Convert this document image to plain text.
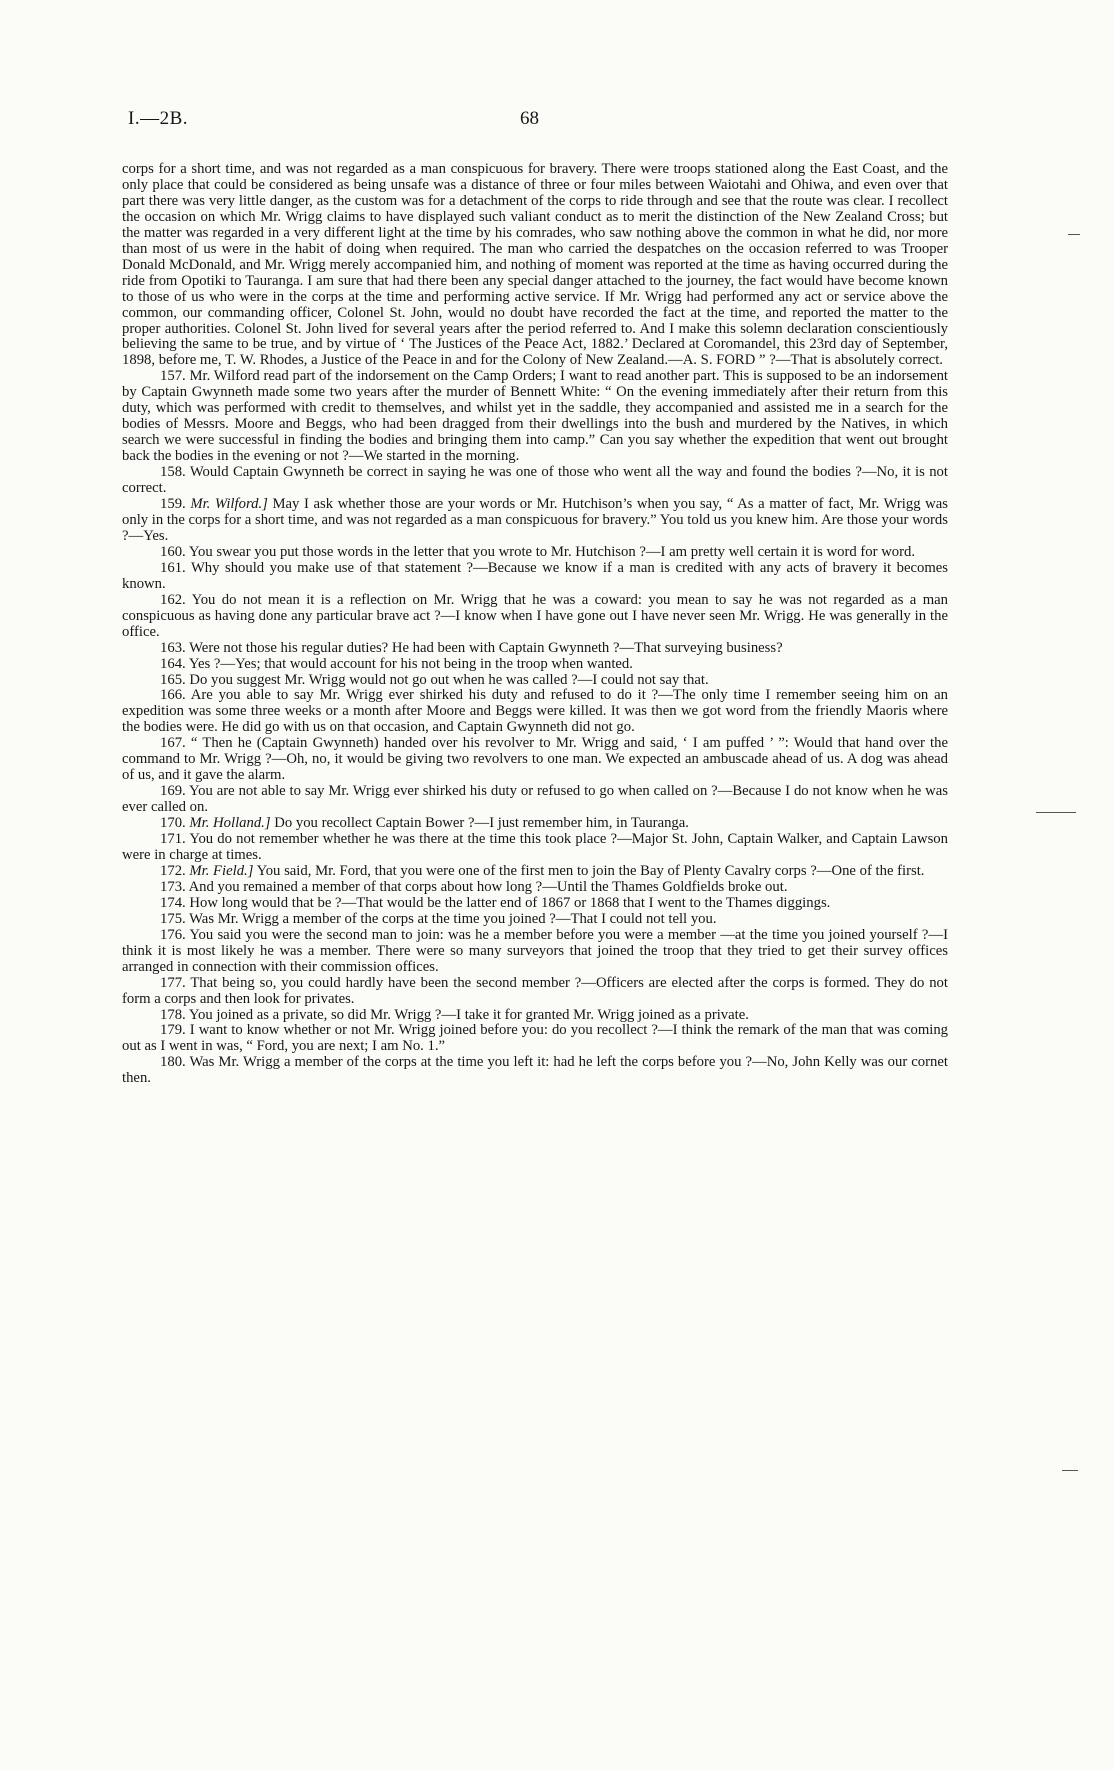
I.—2B.	68

corps for a short time, and was not regarded as a man conspicuous for bravery. There were troops stationed along the East Coast, and the only place that could be considered as being unsafe was a distance of three or four miles between Waiotahi and Ohiwa, and even over that part there was very little danger, as the custom was for a detachment of the corps to ride through and see that the route was clear. I recollect the occasion on which Mr. Wrigg claims to have displayed such valiant conduct as to merit the distinction of the New Zealand Cross; but the matter was regarded in a very different light at the time by his comrades, who saw nothing above the common in what he did, nor more than most of us were in the habit of doing when required. The man who carried the despatches on the occasion referred to was Trooper Donald McDonald, and Mr. Wrigg merely accompanied him, and nothing of moment was reported at the time as having occurred during the ride from Opotiki to Tauranga. I am sure that had there been any special danger attached to the journey, the fact would have become known to those of us who were in the corps at the time and performing active service. If Mr. Wrigg had performed any act or service above the common, our commanding officer, Colonel St. John, would no doubt have recorded the fact at the time, and reported the matter to the proper authorities. Colonel St. John lived for several years after the period referred to. And I make this solemn declaration conscientiously believing the same to be true, and by virtue of ‘ The Justices of the Peace Act, 1882.’ Declared at Coromandel, this 23rd day of September, 1898, before me, T. W. Rhodes, a Justice of the Peace in and for the Colony of New Zealand.—A. S. FORD ” ?—That is absolutely correct.

157. Mr. Wilford read part of the indorsement on the Camp Orders; I want to read another part. This is supposed to be an indorsement by Captain Gwynneth made some two years after the murder of Bennett White: “ On the evening immediately after their return from this duty, which was performed with credit to themselves, and whilst yet in the saddle, they accompanied and assisted me in a search for the bodies of Messrs. Moore and Beggs, who had been dragged from their dwellings into the bush and murdered by the Natives, in which search we were successful in finding the bodies and bringing them into camp.” Can you say whether the expedition that went out brought back the bodies in the evening or not ?—We started in the morning.

158. Would Captain Gwynneth be correct in saying he was one of those who went all the way and found the bodies ?—No, it is not correct.

159. Mr. Wilford.] May I ask whether those are your words or Mr. Hutchison’s when you say, “ As a matter of fact, Mr. Wrigg was only in the corps for a short time, and was not regarded as a man conspicuous for bravery.” You told us you knew him. Are those your words ?—Yes.

160. You swear you put those words in the letter that you wrote to Mr. Hutchison ?—I am pretty well certain it is word for word.

161. Why should you make use of that statement ?—Because we know if a man is credited with any acts of bravery it becomes known.

162. You do not mean it is a reflection on Mr. Wrigg that he was a coward: you mean to say he was not regarded as a man conspicuous as having done any particular brave act ?—I know when I have gone out I have never seen Mr. Wrigg. He was generally in the office.

163. Were not those his regular duties? He had been with Captain Gwynneth ?—That surveying business?

164. Yes ?—Yes; that would account for his not being in the troop when wanted.

165. Do you suggest Mr. Wrigg would not go out when he was called ?—I could not say that.

166. Are you able to say Mr. Wrigg ever shirked his duty and refused to do it ?—The only time I remember seeing him on an expedition was some three weeks or a month after Moore and Beggs were killed. It was then we got word from the friendly Maoris where the bodies were. He did go with us on that occasion, and Captain Gwynneth did not go.

167. “ Then he (Captain Gwynneth) handed over his revolver to Mr. Wrigg and said, ‘ I am puffed ’ ”: Would that hand over the command to Mr. Wrigg ?—Oh, no, it would be giving two revolvers to one man. We expected an ambuscade ahead of us. A dog was ahead of us, and it gave the alarm.

169. You are not able to say Mr. Wrigg ever shirked his duty or refused to go when called on ?—Because I do not know when he was ever called on.

170. Mr. Holland.] Do you recollect Captain Bower ?—I just remember him, in Tauranga.

171. You do not remember whether he was there at the time this took place ?—Major St. John, Captain Walker, and Captain Lawson were in charge at times.

172. Mr. Field.] You said, Mr. Ford, that you were one of the first men to join the Bay of Plenty Cavalry corps ?—One of the first.

173. And you remained a member of that corps about how long ?—Until the Thames Goldfields broke out.

174. How long would that be ?—That would be the latter end of 1867 or 1868 that I went to the Thames diggings.

175. Was Mr. Wrigg a member of the corps at the time you joined ?—That I could not tell you.

176. You said you were the second man to join: was he a member before you were a member —at the time you joined yourself ?—I think it is most likely he was a member. There were so many surveyors that joined the troop that they tried to get their survey offices arranged in connection with their commission offices.

177. That being so, you could hardly have been the second member ?—Officers are elected after the corps is formed. They do not form a corps and then look for privates.

178. You joined as a private, so did Mr. Wrigg ?—I take it for granted Mr. Wrigg joined as a private.

179. I want to know whether or not Mr. Wrigg joined before you: do you recollect ?—I think the remark of the man that was coming out as I went in was, “ Ford, you are next; I am No. 1.”

180. Was Mr. Wrigg a member of the corps at the time you left it: had he left the corps before you ?—No, John Kelly was our cornet then.
